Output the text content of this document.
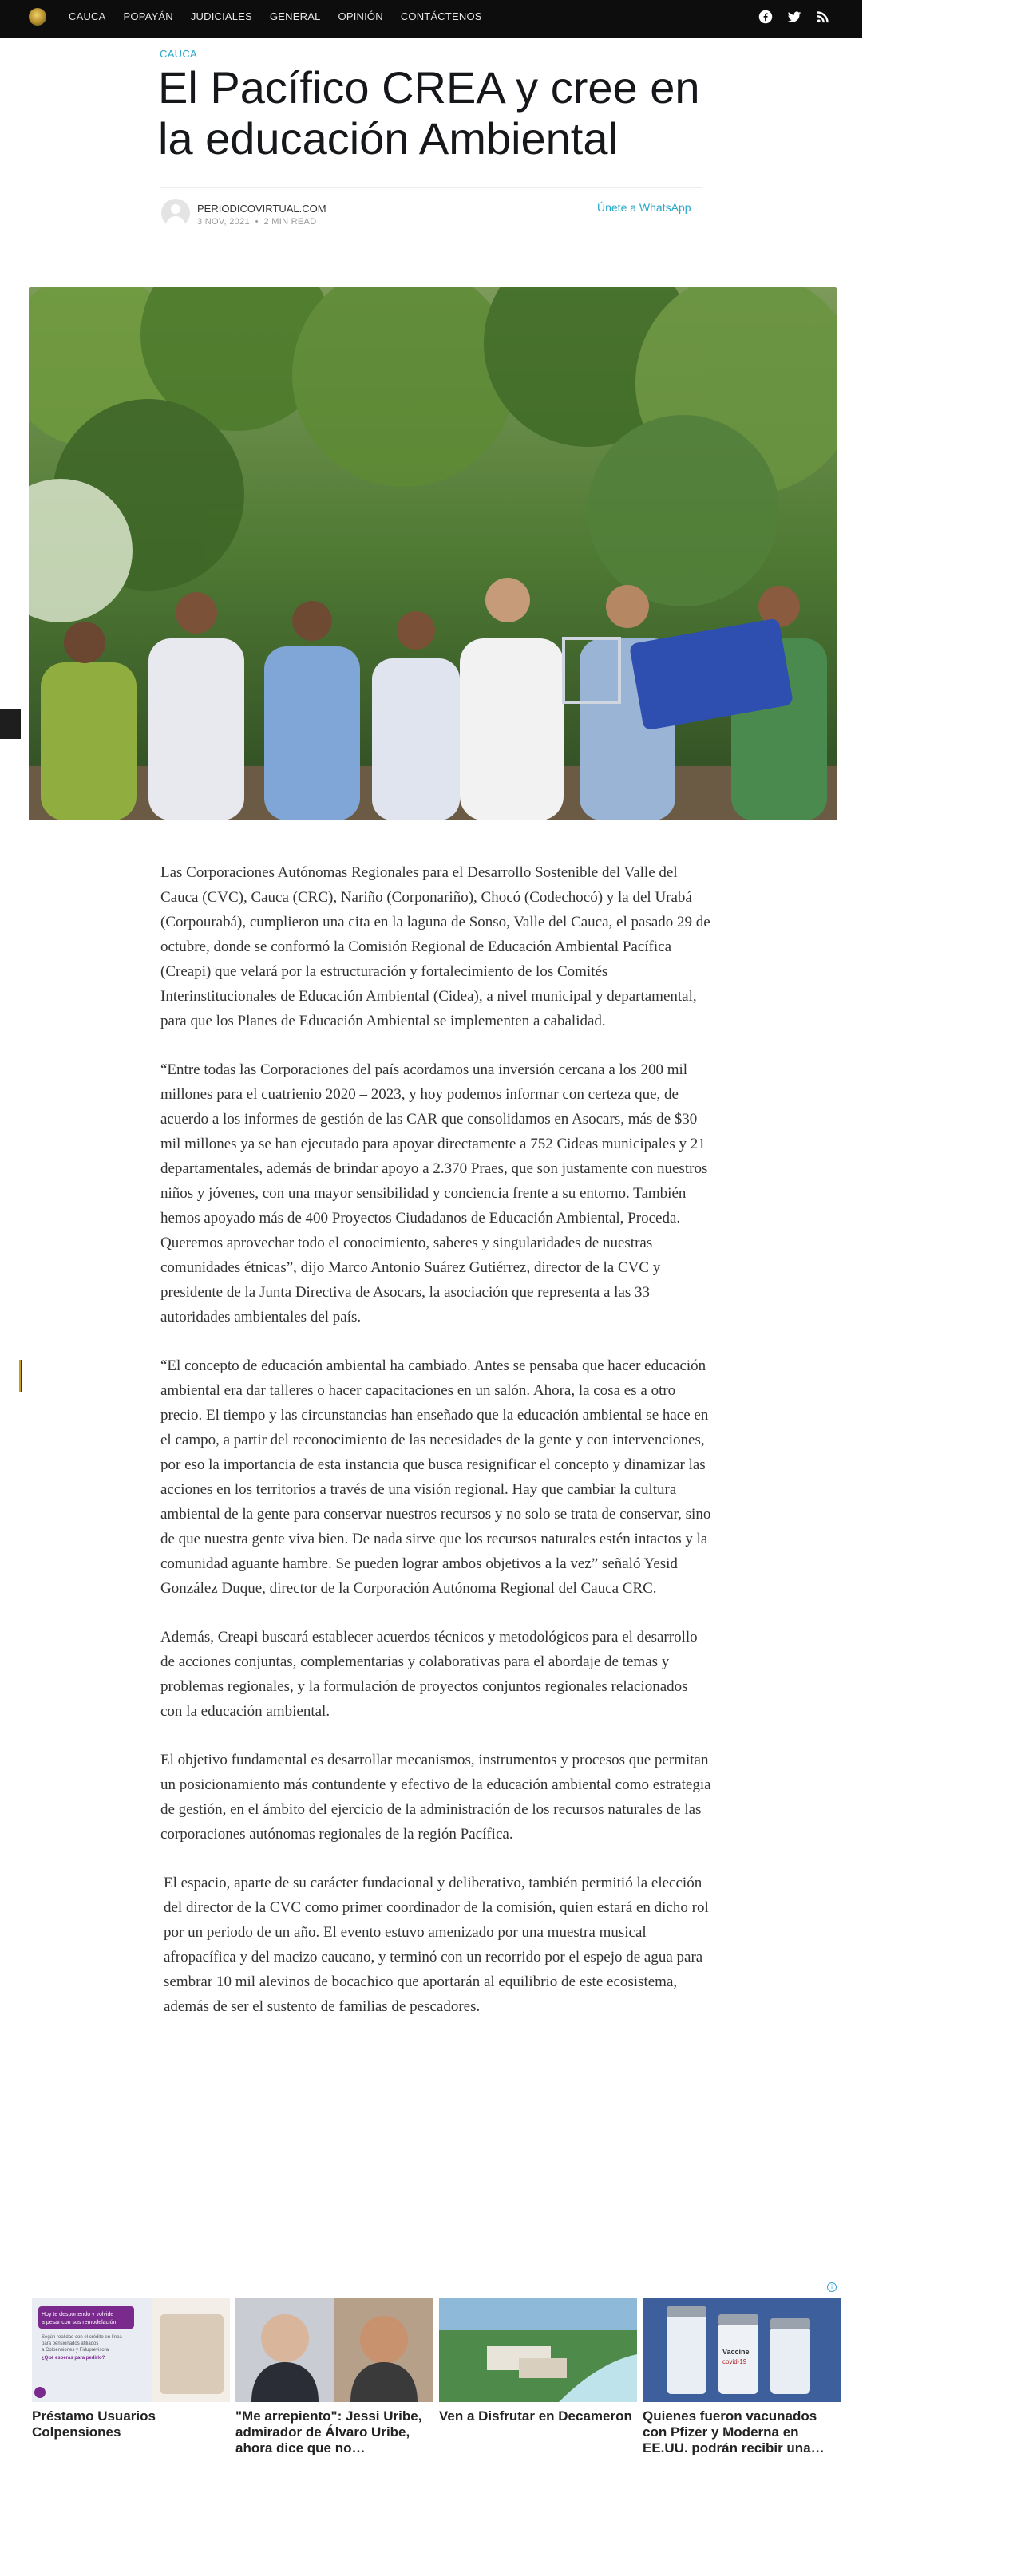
CAUCA POPAYÁN JUDICIALES GENERAL OPINIÓN CONTÁCTENOS
CAUCA
El Pacífico CREA y cree en la educación Ambiental
PERIODICOVIRTUAL.COM
3 NOV, 2021  •  2 MIN READ
Únete a WhatsApp

Las Corporaciones Autónomas Regionales para el Desarrollo Sostenible del Valle del Cauca (CVC), Cauca (CRC), Nariño (Corponariño), Chocó (Codechocó) y la del Urabá (Corpourabá), cumplieron una cita en la laguna de Sonso, Valle del Cauca, el pasado 29 de octubre, donde se conformó la Comisión Regional de Educación Ambiental Pacífica (Creapi) que velará por la estructuración y fortalecimiento de los Comités Interinstitucionales de Educación Ambiental (Cidea), a nivel municipal y departamental, para que los Planes de Educación Ambiental se implementen a cabalidad.

“Entre todas las Corporaciones del país acordamos una inversión cercana a los 200 mil millones para el cuatrienio 2020 – 2023, y hoy podemos informar con certeza que, de acuerdo a los informes de gestión de las CAR que consolidamos en Asocars, más de $30 mil millones ya se han ejecutado para apoyar directamente a 752 Cideas municipales y 21 departamentales, además de brindar apoyo a 2.370 Praes, que son justamente con nuestros niños y jóvenes, con una mayor sensibilidad y conciencia frente a su entorno. También hemos apoyado más de 400 Proyectos Ciudadanos de Educación Ambiental, Proceda. Queremos aprovechar todo el conocimiento, saberes y singularidades de nuestras comunidades étnicas”, dijo Marco Antonio Suárez Gutiérrez, director de la CVC y presidente de la Junta Directiva de Asocars, la asociación que representa a las 33 autoridades ambientales del país.

“El concepto de educación ambiental ha cambiado. Antes se pensaba que hacer educación ambiental era dar talleres o hacer capacitaciones en un salón. Ahora, la cosa es a otro precio. El tiempo y las circunstancias han enseñado que la educación ambiental se hace en el campo, a partir del reconocimiento de las necesidades de la gente y con intervenciones, por eso la importancia de esta instancia que busca resignificar el concepto y dinamizar las acciones en los territorios a través de una visión regional. Hay que cambiar la cultura ambiental de la gente para conservar nuestros recursos y no solo se trata de conservar, sino de que nuestra gente viva bien. De nada sirve que los recursos naturales estén intactos y la comunidad aguante hambre. Se pueden lograr ambos objetivos a la vez” señaló Yesid González Duque, director de la Corporación Autónoma Regional del Cauca CRC.

Además, Creapi buscará establecer acuerdos técnicos y metodológicos para el desarrollo de acciones conjuntas, complementarias y colaborativas para el abordaje de temas y problemas regionales, y la formulación de proyectos conjuntos regionales relacionados con la educación ambiental.

El objetivo fundamental es desarrollar mecanismos, instrumentos y procesos que permitan un posicionamiento más contundente y efectivo de la educación ambiental como estrategia de gestión, en el ámbito del ejercicio de la administración de los recursos naturales de las corporaciones autónomas regionales de la región Pacífica.

El espacio, aparte de su carácter fundacional y deliberativo, también permitió la elección del director de la CVC como primer coordinador de la comisión, quien estará en dicho rol por un periodo de un año. El evento estuvo amenizado por una muestra musical afropacífica y del macizo caucano, y terminó con un recorrido por el espejo de agua para sembrar 10 mil alevinos de bocachico que aportarán al equilibrio de este ecosistema, además de ser el sustento de familias de pescadores.

i
Hoy te desportendo y volvide
a pesar con sus remodelación
Según realidad con el crédito en línea
para pensionados afiliados
a Colpensiones y Fiduprevisora
¿Qué esperas para pedirlo?
Préstamo Usuarios Colpensiones
"Me arrepiento": Jessi Uribe, admirador de Álvaro Uribe, ahora dice que no…
Ven a Disfrutar en Decameron
Vaccine
covid-19
Quienes fueron vacunados con Pfizer y Moderna en EE.UU. podrán recibir una…
